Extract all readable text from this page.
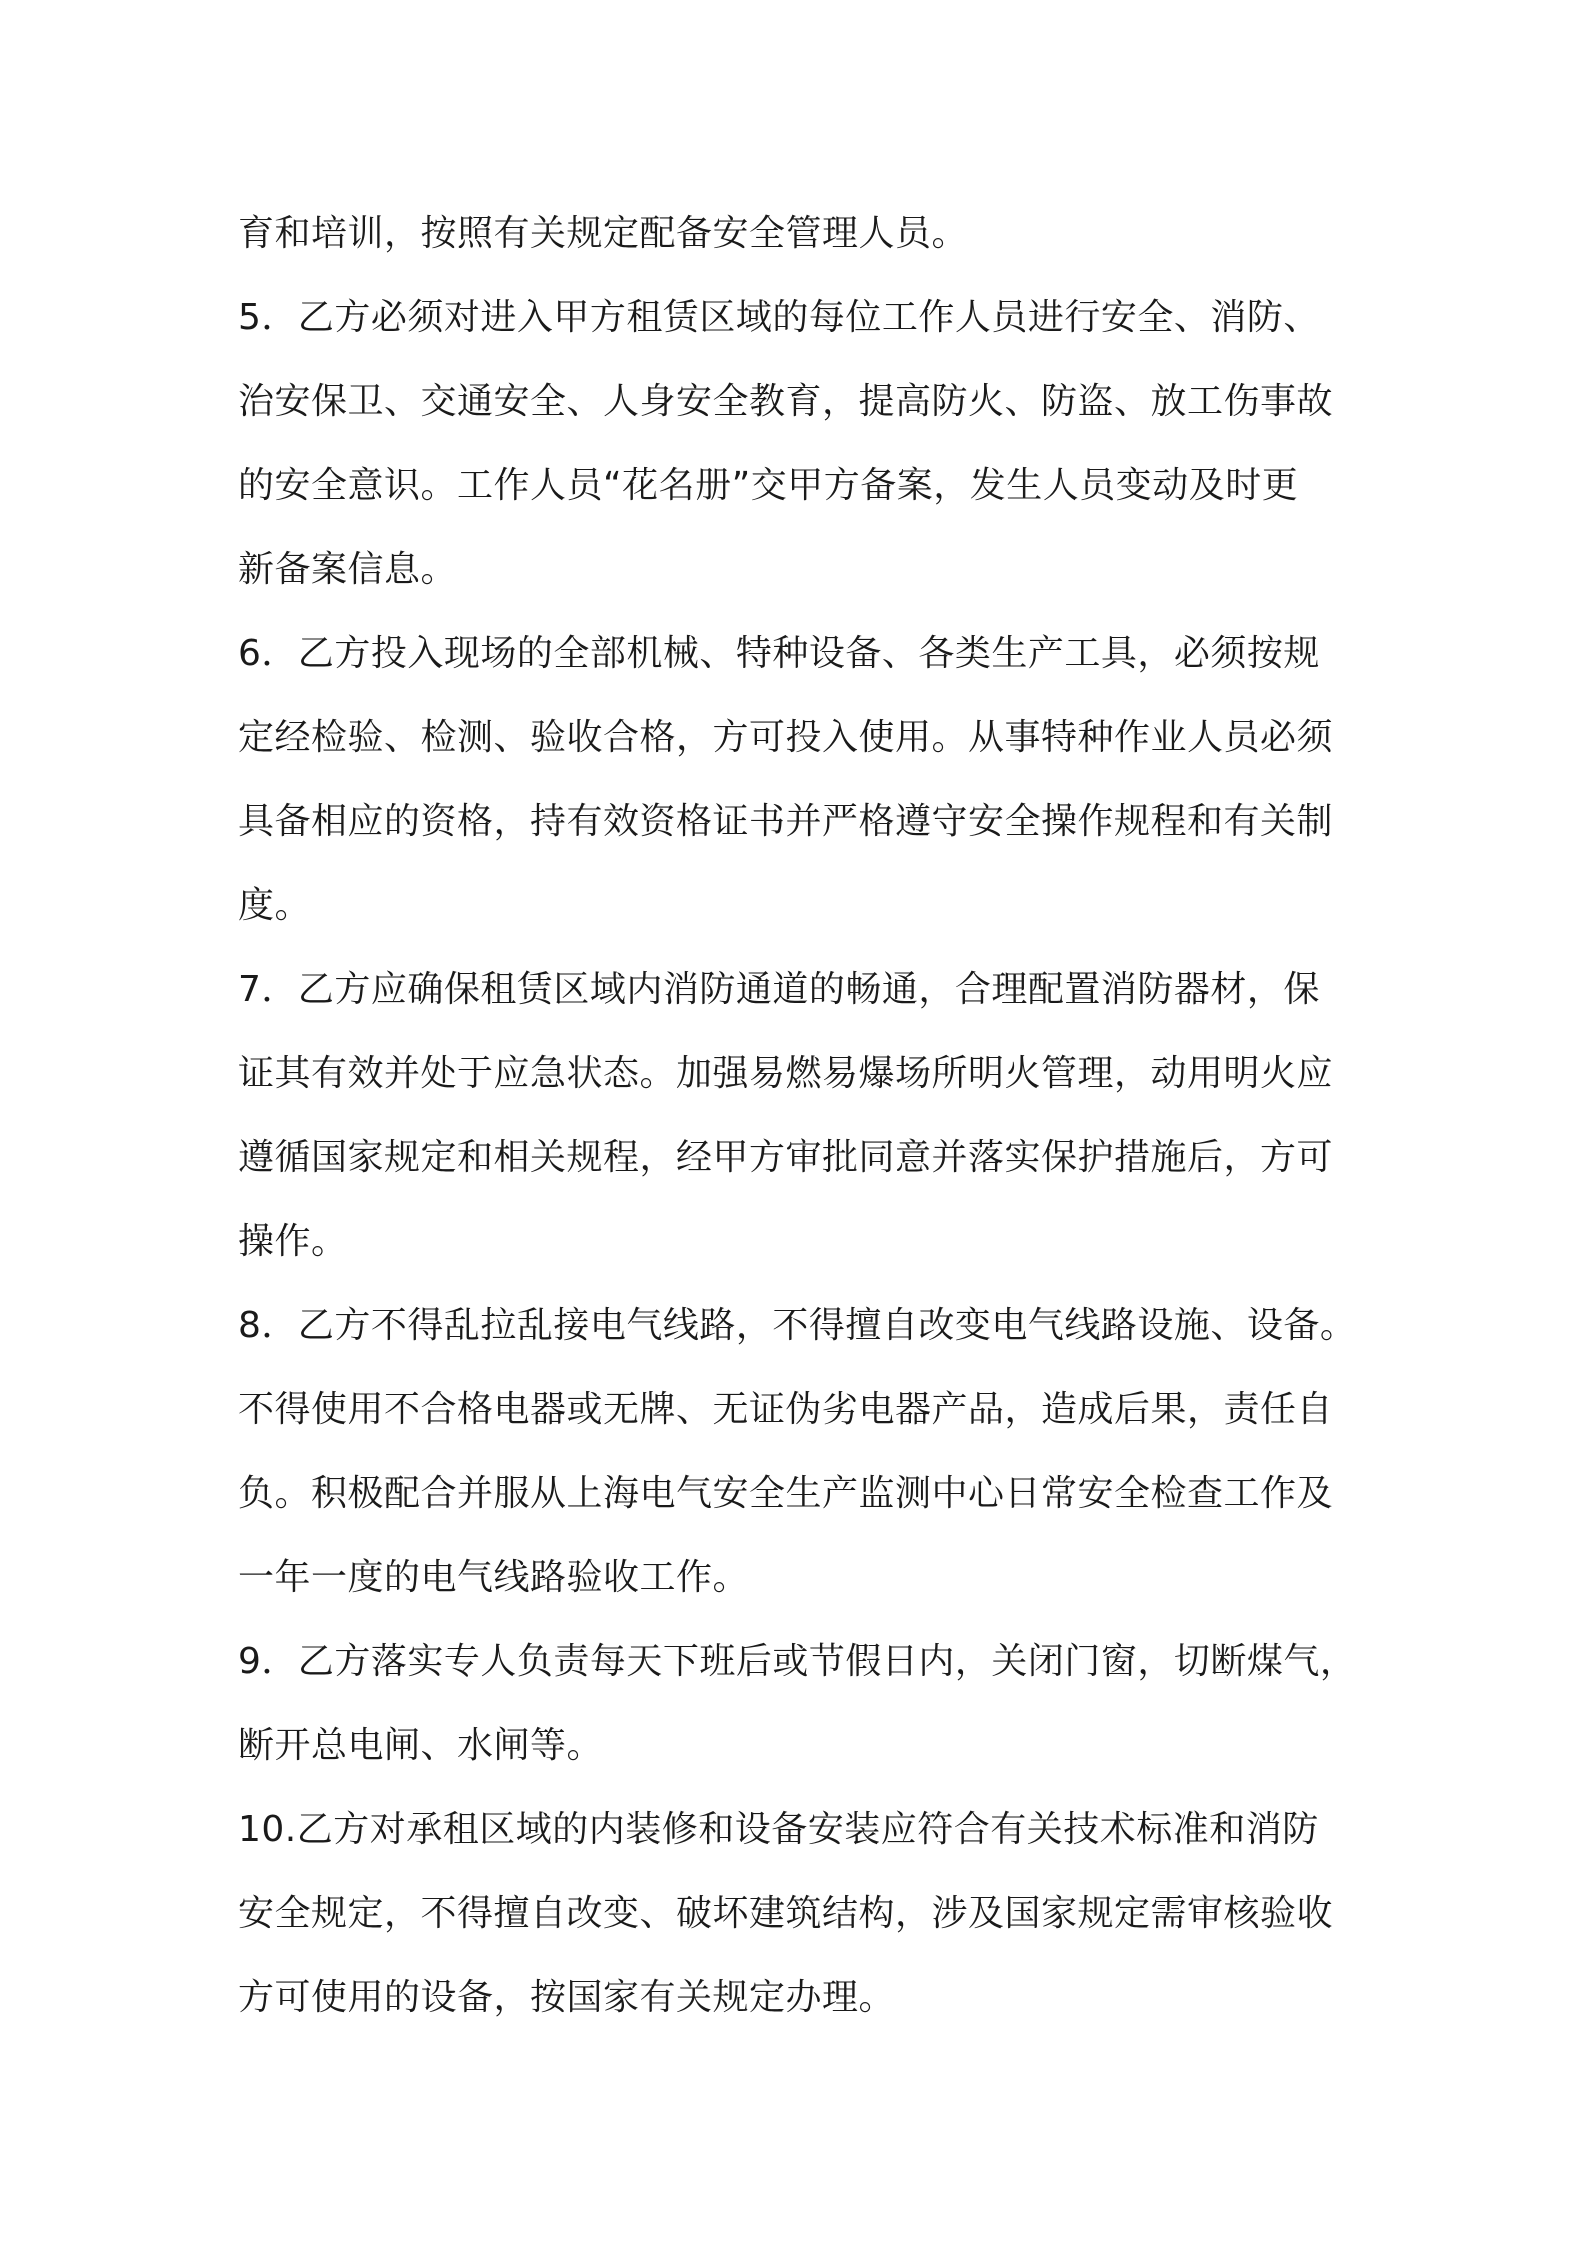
育和培训，按照有关规定配备安全管理人员。
5．乙方必须对进入甲方租赁区域的每位工作人员进行安全、消防、
治安保卫、交通安全、人身安全教育，提高防火、防盗、放工伤事故
的安全意识。工作人员“花名册”交甲方备案，发生人员变动及时更
新备案信息。
6．乙方投入现场的全部机械、特种设备、各类生产工具，必须按规
定经检验、检测、验收合格，方可投入使用。从事特种作业人员必须
具备相应的资格，持有效资格证书并严格遵守安全操作规程和有关制
度。
7．乙方应确保租赁区域内消防通道的畅通，合理配置消防器材，保
证其有效并处于应急状态。加强易燃易爆场所明火管理，动用明火应
遵循国家规定和相关规程，经甲方审批同意并落实保护措施后，方可
操作。
8．乙方不得乱拉乱接电气线路，不得擅自改变电气线路设施、设备。
不得使用不合格电器或无牌、无证伪劣电器产品，造成后果，责任自
负。积极配合并服从上海电气安全生产监测中心日常安全检查工作及
一年一度的电气线路验收工作。
9．乙方落实专人负责每天下班后或节假日内，关闭门窗，切断煤气，
断开总电闸、水闸等。
10.乙方对承租区域的内装修和设备安装应符合有关技术标准和消防
安全规定，不得擅自改变、破坏建筑结构，涉及国家规定需审核验收
方可使用的设备，按国家有关规定办理。
